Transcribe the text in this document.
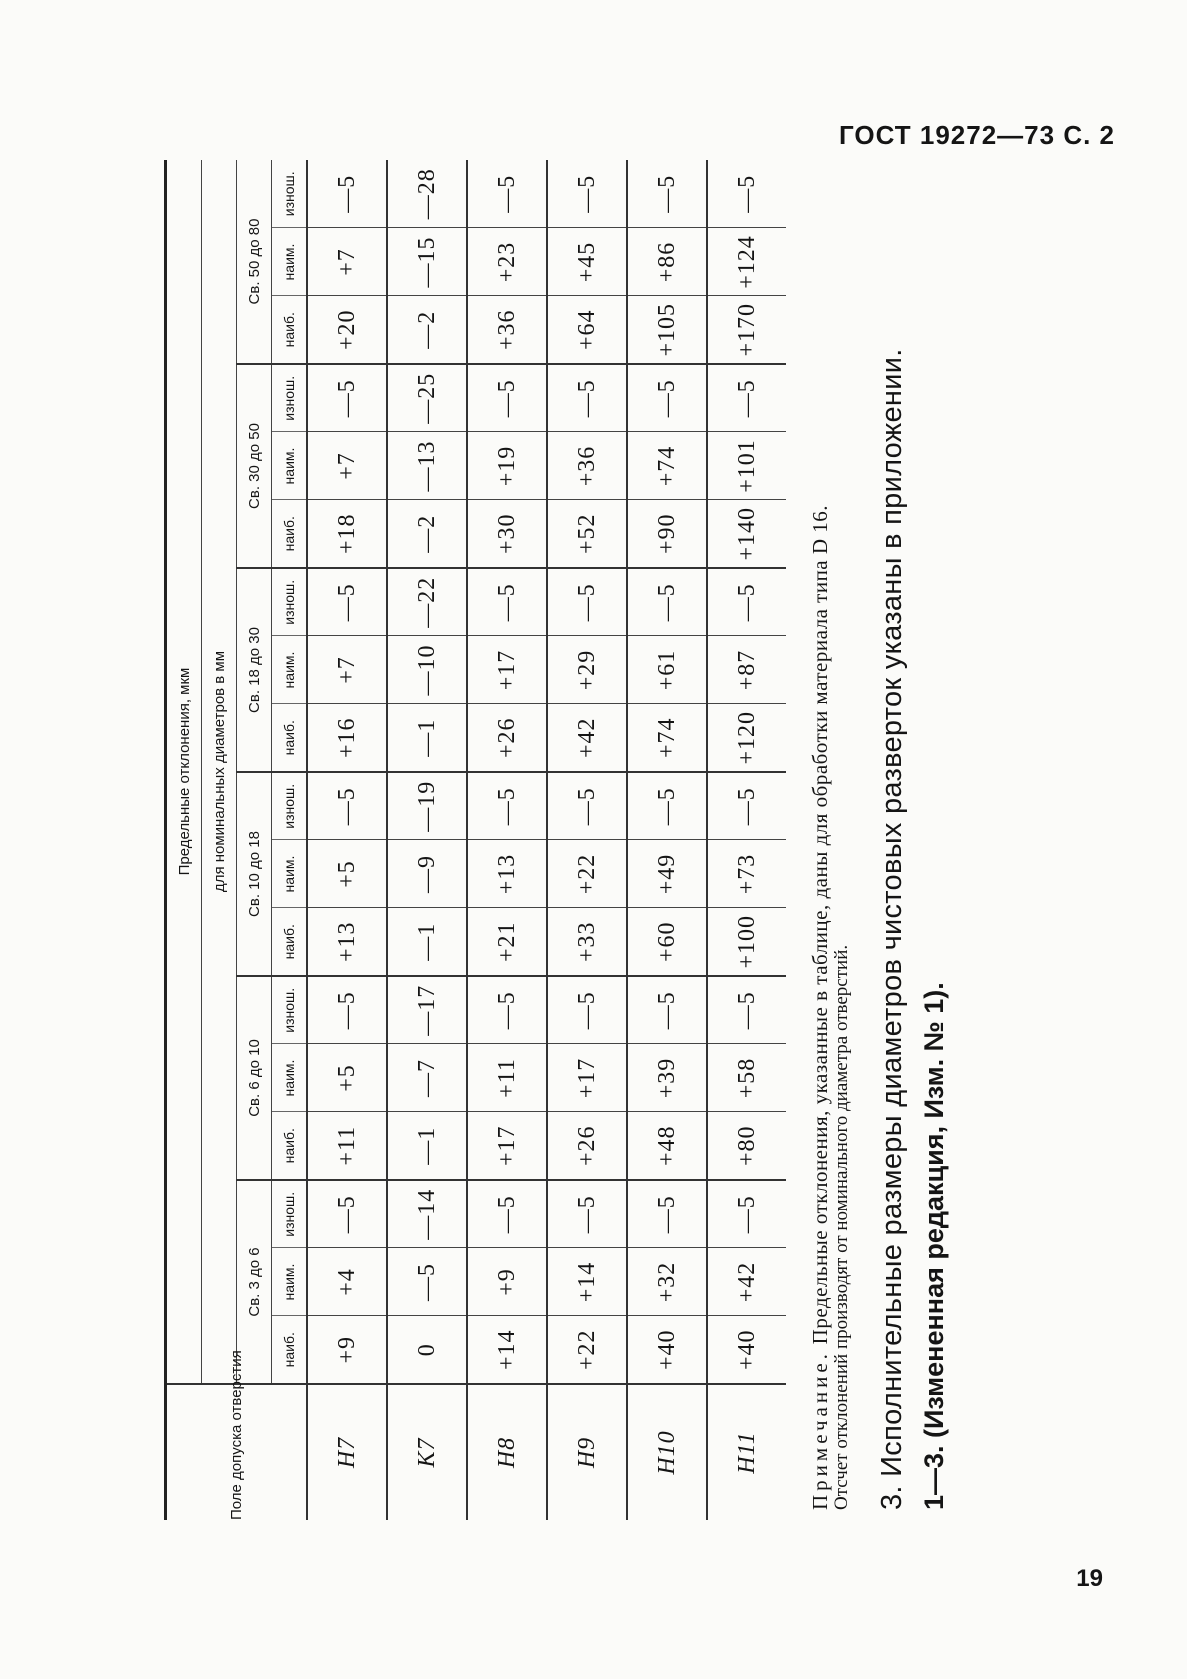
ГОСТ 19272—73 С. 2
Поле допуска отверстия	Предельные отклонения, мкм																	
	для номинальных диаметров в мм																	
	Св. 3 до 6			Св. 6 до 10			Св. 10 до 18			Св. 18 до 30			Св. 30 до 50			Св. 50 до 80		
	наиб.	наим.	изнош.	наиб.	наим.	изнош.	наиб.	наим.	изнош.	наиб.	наим.	изнош.	наиб.	наим.	изнош.	наиб.	наим.	изнош.
H7	+9	+4	—5	+11	+5	—5	+13	+5	—5	+16	+7	—5	+18	+7	—5	+20	+7	—5
K7	0	—5	—14	—1	—7	—17	—1	—9	—19	—1	—10	—22	—2	—13	—25	—2	—15	—28
H8	+14	+9	—5	+17	+11	—5	+21	+13	—5	+26	+17	—5	+30	+19	—5	+36	+23	—5
H9	+22	+14	—5	+26	+17	—5	+33	+22	—5	+42	+29	—5	+52	+36	—5	+64	+45	—5
H10	+40	+32	—5	+48	+39	—5	+60	+49	—5	+74	+61	—5	+90	+74	—5	+105	+86	—5
H11	+40	+42	—5	+80	+58	—5	+100	+73	—5	+120	+87	—5	+140	+101	—5	+170	+124	—5
Примечание. Предельные отклонения, указанные в таблице, даны для обработки материала типа D 16. Отсчет отклонений производят от номинального диаметра отверстий. 3. Исполнительные размеры диаметров чистовых разверток указаны в приложении. 1—3. (Измененная редакция, Изм. № 1).
19
